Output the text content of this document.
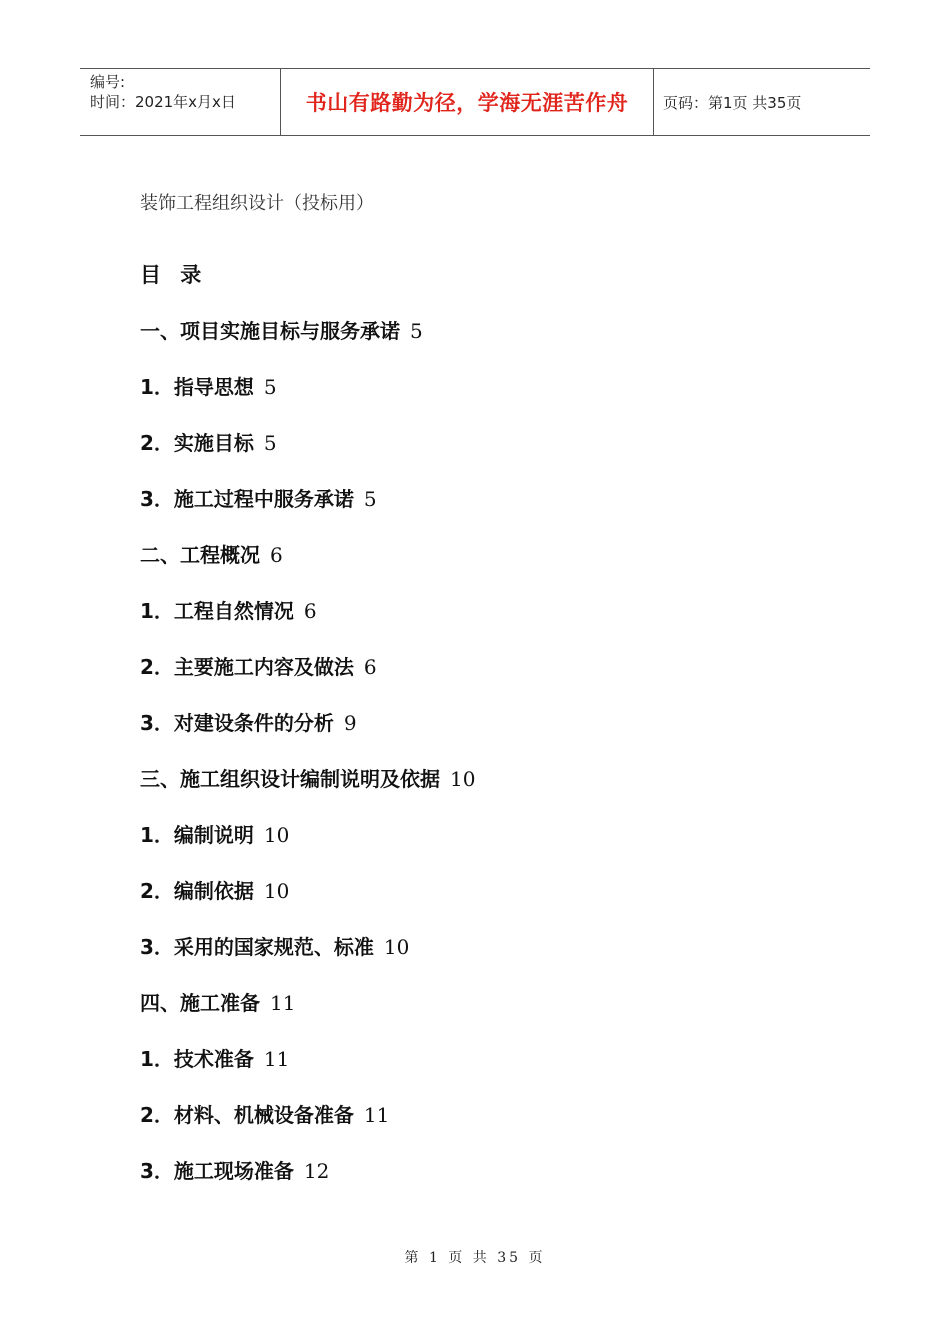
编号:
时间：2021年x月x日	书山有路勤为径，学海无涯苦作舟 页码：第1页 共35页
装饰工程组织设计（投标用）
目 录
一、项目实施目标与服务承诺 5
1．指导思想 5
2．实施目标 5
3．施工过程中服务承诺 5
二、工程概况 6
1．工程自然情况 6
2．主要施工内容及做法 6
3．对建设条件的分析 9
三、施工组织设计编制说明及依据 10
1．编制说明 10
2．编制依据 10
3．采用的国家规范、标准 10
四、施工准备 11
1．技术准备 11
2．材料、机械设备准备 11
3．施工现场准备 12
第 1 页 共 35 页
